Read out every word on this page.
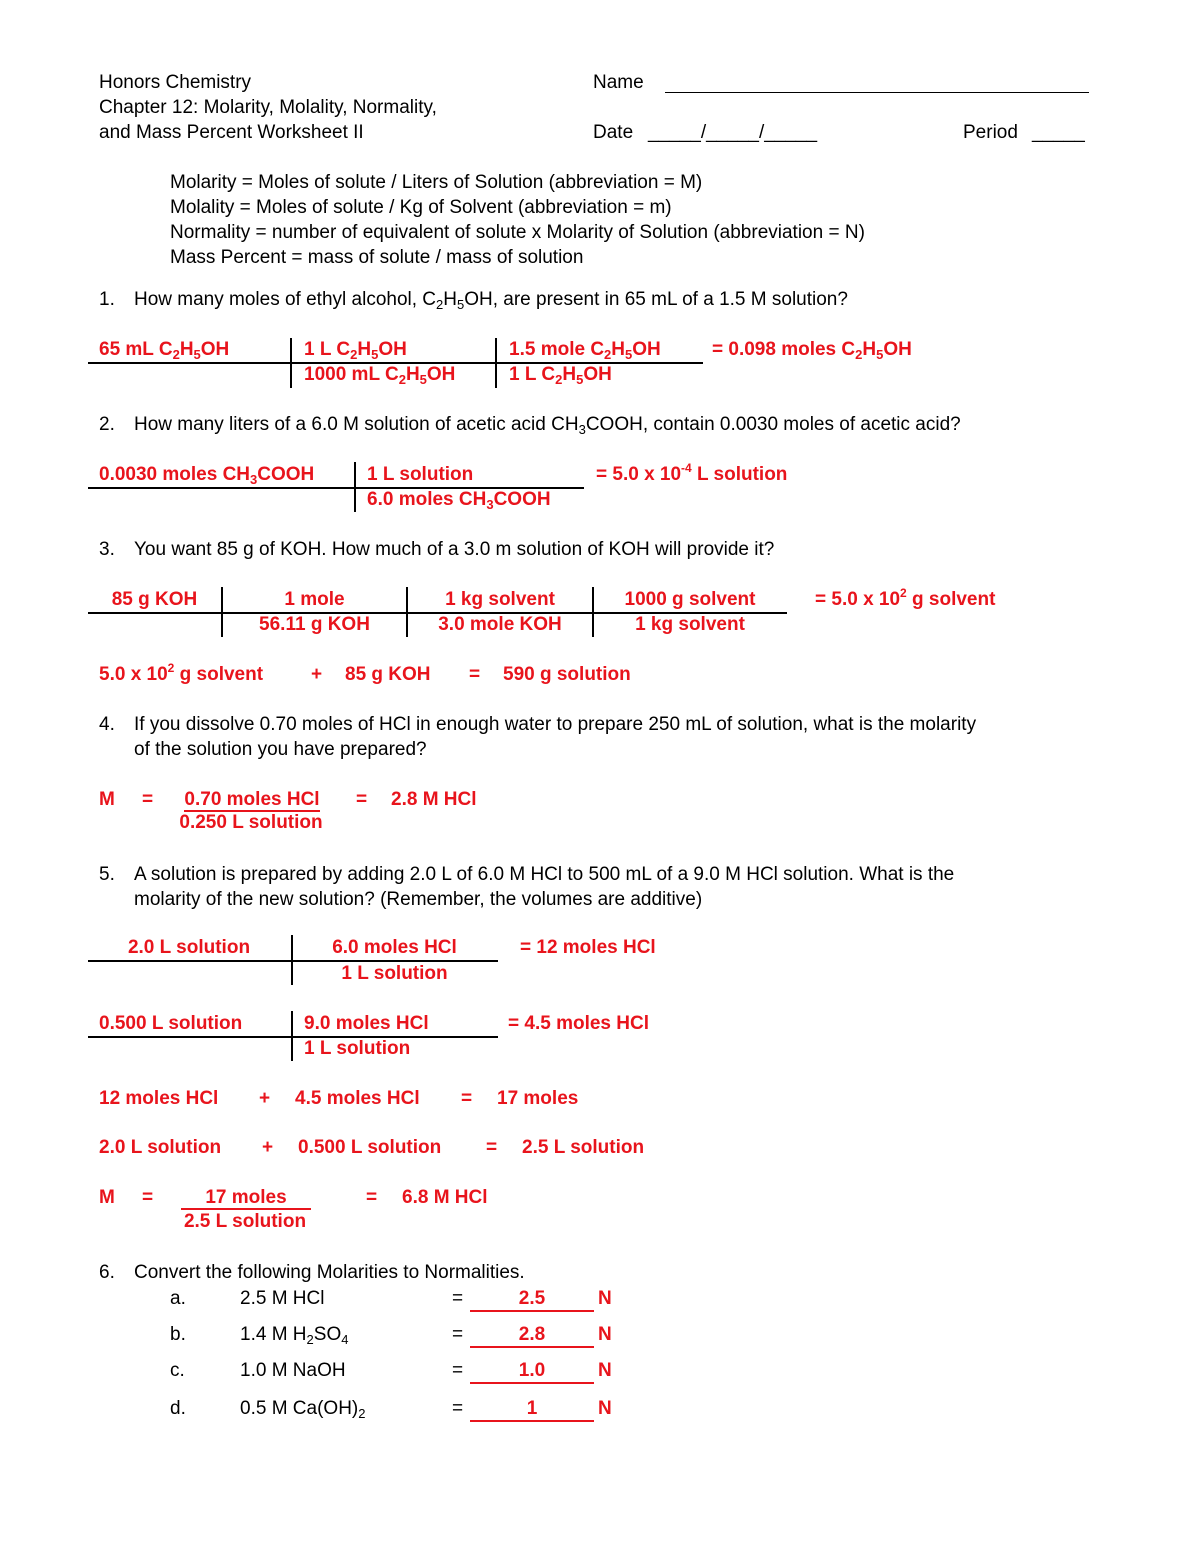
Honors Chemistry
Chapter 12: Molarity, Molality, Normality,
and Mass Percent Worksheet II
Name
Date _____/_____/_____	Period _____
Molarity = Moles of solute / Liters of Solution (abbreviation = M)
Molality = Moles of solute / Kg of Solvent (abbreviation = m)
Normality = number of equivalent of solute x Molarity of Solution (abbreviation = N)
Mass Percent = mass of solute / mass of solution
1. How many moles of ethyl alcohol, $C_2H_5OH$, are present in 65 mL of a 1.5 M solution?
65 mL $C_2H_5OH$	1 L $C_2H_5OH$
1000 mL $C_2H_5OH$
1.5 mole $C_2H_5OH$
1 L $C_2H_5OH$
= 0.098 moles $C_2H_5OH$
2. How many liters of a 6.0 M solution of acetic acid $CH_3COOH$, contain 0.0030 moles of acetic acid?
0.0030 moles $CH_3COOH$	1 L solution
6.0 moles $CH_3COOH$
= 5.0 x $10^{-4}$ L solution
3. You want 85 g of KOH. How much of a 3.0 m solution of KOH will provide it?
85 g KOH	1 mole
56.11 g KOH
1 kg solvent
3.0 mole KOH
1000 g solvent
1 kg solvent
= 5.0 x $10^2$ g solvent
5.0 x $10^2$ g solvent	+ 85 g KOH = 590 g solution
4. If you dissolve 0.70 moles of HCl in enough water to prepare 250 mL of solution, what is the molarity
of the solution you have prepared?
M =	0.70 moles HCl
0.250 L solution
= 2.8 M HCl
5. A solution is prepared by adding 2.0 L of 6.0 M HCl to 500 mL of a 9.0 M HCl solution. What is the
molarity of the new solution? (Remember, the volumes are additive)
2.0 L solution	6.0 moles HCl
1 L solution
= 12 moles HCl
0.500 L solution	9.0 moles HCl
1 L solution
= 4.5 moles HCl
12 moles HCl + 4.5 moles HCl = 17 moles
2.0 L solution + 0.500 L solution = 2.5 L solution
M =	17 moles
2.5 L solution
= 6.8 M HCl
6. Convert the following Molarities to Normalities.
a.	2.5 M HCl	=	2.5	N
b.	1.4 M $H_2SO_4$	=	2.8	N
c.	1.0 M NaOH	=	1.0	N
d.	0.5 M $Ca(OH)_2$	=	1	N
